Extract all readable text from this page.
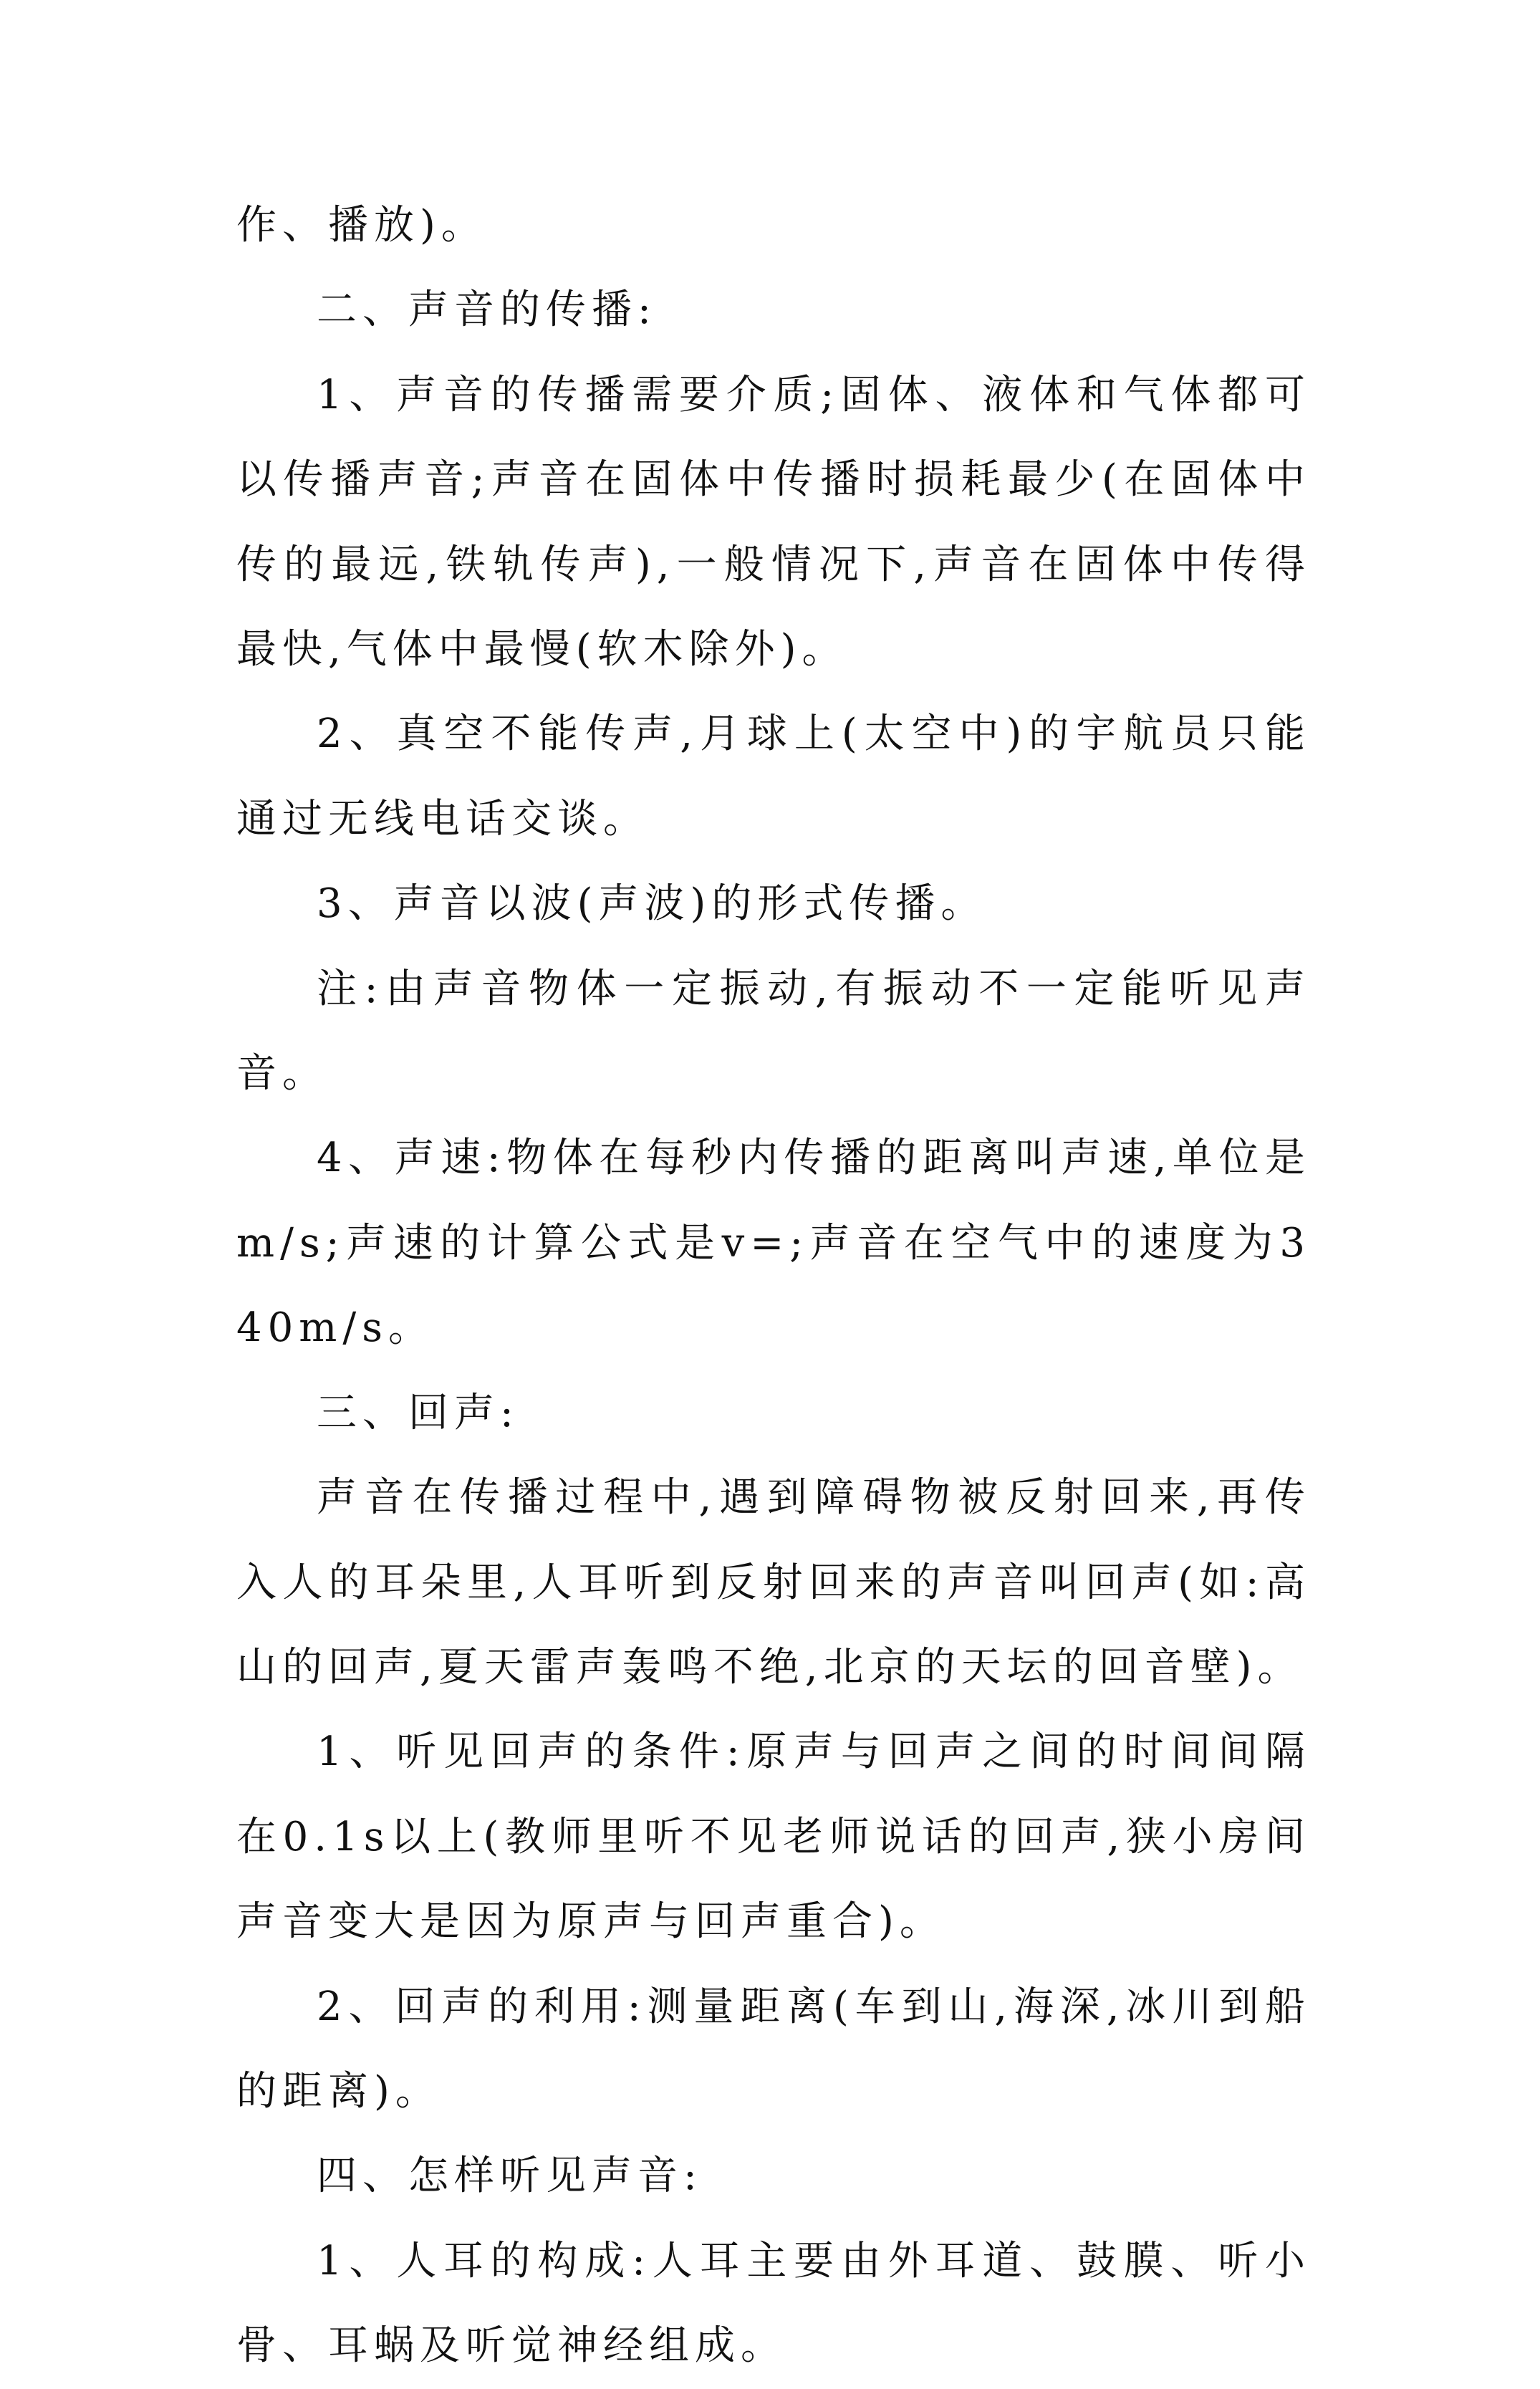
作、播放)。

二、声音的传播:

1、声音的传播需要介质;固体、液体和气体都可以传播声音;声音在固体中传播时损耗最少(在固体中传的最远,铁轨传声),一般情况下,声音在固体中传得最快,气体中最慢(软木除外)。

2、真空不能传声,月球上(太空中)的宇航员只能通过无线电话交谈。

3、声音以波(声波)的形式传播。

注:由声音物体一定振动,有振动不一定能听见声音。

4、声速:物体在每秒内传播的距离叫声速,单位是m/s;声速的计算公式是v=;声音在空气中的速度为340m/s。

三、回声:

声音在传播过程中,遇到障碍物被反射回来,再传入人的耳朵里,人耳听到反射回来的声音叫回声(如:高山的回声,夏天雷声轰鸣不绝,北京的天坛的回音壁)。

1、听见回声的条件:原声与回声之间的时间间隔在0.1s以上(教师里听不见老师说话的回声,狭小房间声音变大是因为原声与回声重合)。

2、回声的利用:测量距离(车到山,海深,冰川到船的距离)。

四、怎样听见声音:

1、人耳的构成:人耳主要由外耳道、鼓膜、听小骨、耳蜗及听觉神经组成。
